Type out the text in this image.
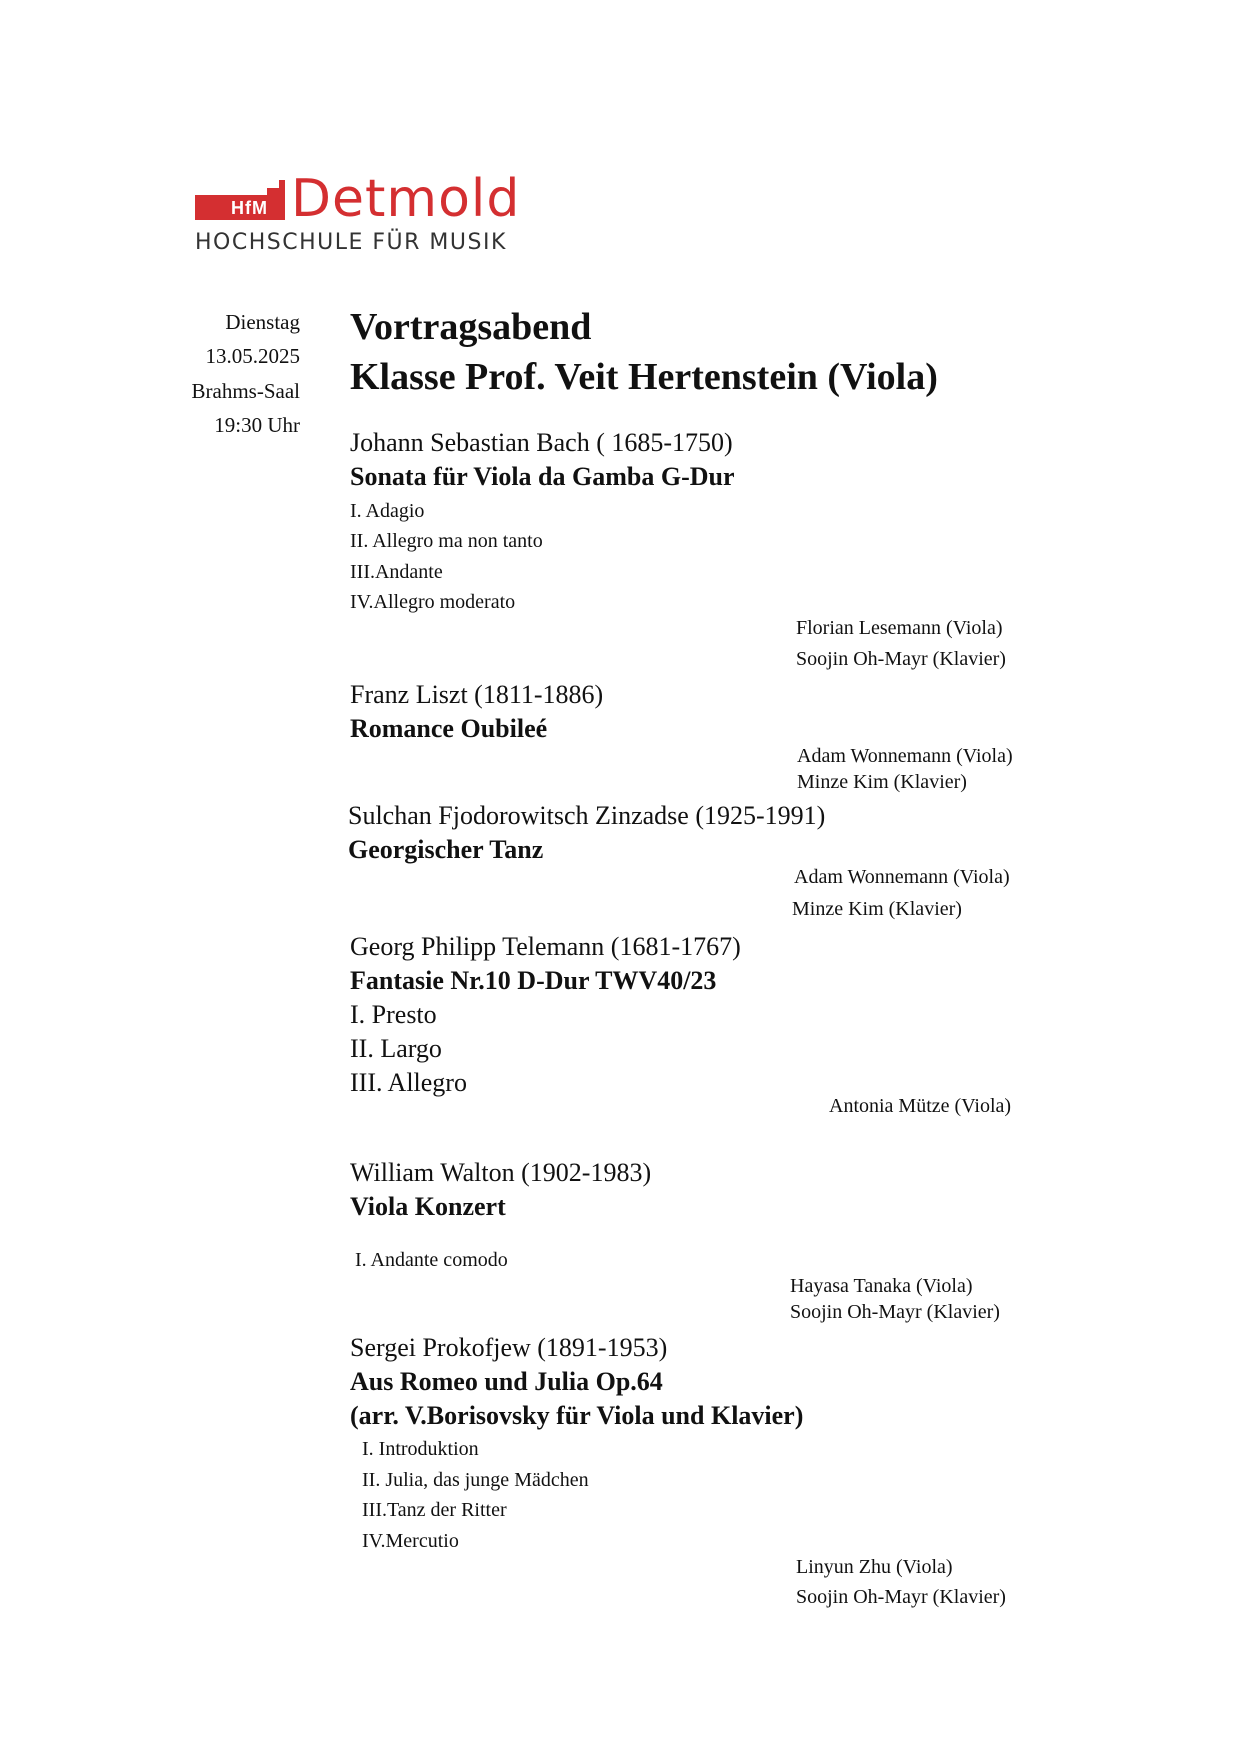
HfM Detmold
HOCHSCHULE FÜR MUSIK
Dienstag
13.05.2025
Brahms-Saal
19:30 Uhr
Vortragsabend
Klasse Prof. Veit Hertenstein (Viola)
Johann Sebastian Bach ( 1685-1750)
Sonata für Viola da Gamba G-Dur
I. Adagio
II. Allegro ma non tanto
III.Andante
IV.Allegro moderato
Florian Lesemann (Viola)
Soojin Oh-Mayr (Klavier)
Franz Liszt (1811-1886)
Romance Oubileé
Adam Wonnemann (Viola)
Minze Kim (Klavier)
Sulchan Fjodorowitsch Zinzadse (1925-1991)
Georgischer Tanz
Adam Wonnemann (Viola)
Minze Kim (Klavier)
Georg Philipp Telemann (1681-1767)
Fantasie Nr.10 D-Dur TWV40/23
I. Presto
II. Largo
III. Allegro
Antonia Mütze (Viola)
William Walton (1902-1983)
Viola Konzert
I. Andante comodo
Hayasa Tanaka (Viola)
Soojin Oh-Mayr (Klavier)
Sergei Prokofjew (1891-1953)
Aus Romeo und Julia Op.64
(arr. V.Borisovsky für Viola und Klavier)
I. Introduktion
II. Julia, das junge Mädchen
III.Tanz der Ritter
IV.Mercutio
Linyun Zhu (Viola)
Soojin Oh-Mayr (Klavier)
